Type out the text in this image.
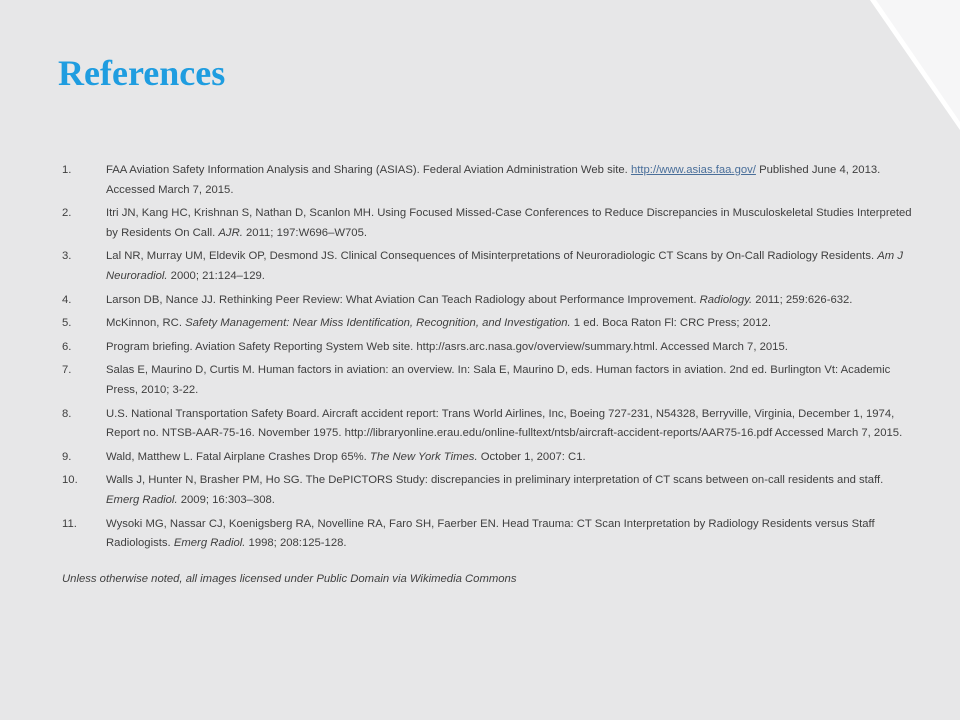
References
1.	FAA Aviation Safety Information Analysis and Sharing (ASIAS). Federal Aviation Administration Web site. http://www.asias.faa.gov/ Published June 4, 2013. Accessed March 7, 2015.
2.	Itri JN, Kang HC, Krishnan S, Nathan D, Scanlon MH. Using Focused Missed-Case Conferences to Reduce Discrepancies in Musculoskeletal Studies Interpreted by Residents On Call. AJR. 2011; 197:W696–W705.
3.	Lal NR, Murray UM, Eldevik OP, Desmond JS. Clinical Consequences of Misinterpretations of Neuroradiologic CT Scans by On-Call Radiology Residents. Am J Neuroradiol. 2000; 21:124–129.
4.	Larson DB, Nance JJ. Rethinking Peer Review: What Aviation Can Teach Radiology about Performance Improvement. Radiology. 2011; 259:626-632.
5.	McKinnon, RC. Safety Management: Near Miss Identification, Recognition, and Investigation. 1 ed. Boca Raton Fl: CRC Press; 2012.
6.	Program briefing. Aviation Safety Reporting System Web site. http://asrs.arc.nasa.gov/overview/summary.html. Accessed March 7, 2015.
7.	Salas E, Maurino D, Curtis M. Human factors in aviation: an overview. In: Sala E, Maurino D, eds. Human factors in aviation. 2nd ed. Burlington Vt: Academic Press, 2010; 3-22.
8.	U.S. National Transportation Safety Board. Aircraft accident report: Trans World Airlines, Inc, Boeing 727-231, N54328, Berryville, Virginia, December 1, 1974, Report no. NTSB-AAR-75-16. November 1975. http://libraryonline.erau.edu/online-fulltext/ntsb/aircraft-accident-reports/AAR75-16.pdf Accessed March 7, 2015.
9.	Wald, Matthew L. Fatal Airplane Crashes Drop 65%. The New York Times. October 1, 2007: C1.
10.	Walls J, Hunter N, Brasher PM, Ho SG. The DePICTORS Study: discrepancies in preliminary interpretation of CT scans between on-call residents and staff. Emerg Radiol. 2009; 16:303–308.
11.	Wysoki MG, Nassar CJ, Koenigsberg RA, Novelline RA, Faro SH, Faerber EN. Head Trauma: CT Scan Interpretation by Radiology Residents versus Staff Radiologists. Emerg Radiol. 1998; 208:125-128.
Unless otherwise noted, all images licensed under Public Domain via Wikimedia Commons
